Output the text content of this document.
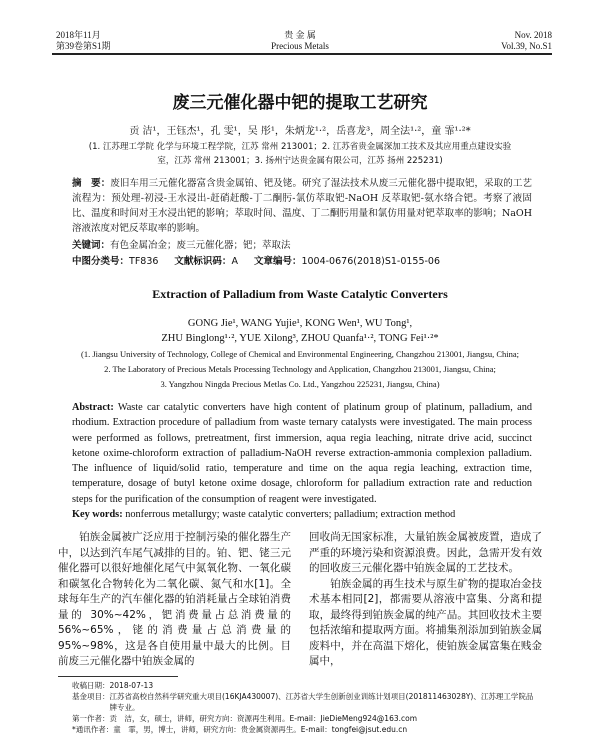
2018年11月
第39卷第S1期
贵 金 属
Precious Metals
Nov. 2018
Vol.39, No.S1
废三元催化器中钯的提取工艺研究
贡 洁¹，王钰杰¹，孔 雯¹，吴 彤¹，朱炳龙¹·²，岳喜龙³，周全法¹·²，童 霏¹·²*
(1. 江苏理工学院 化学与环境工程学院，江苏 常州 213001；2. 江苏省贵金属深加工技术及其应用重点建设实验
室，江苏 常州 213001；3. 扬州宁达贵金属有限公司，江苏 扬州 225231)
摘　要：废旧车用三元催化器富含贵金属铂、钯及铑。研究了湿法技术从废三元催化器中提取钯，采取的工艺流程为：预处理-初浸-王水浸出-赶硝赶酸-丁二酮肟-氯仿萃取钯-NaOH 反萃取钯-氨水络合钯。考察了液固比、温度和时间对王水浸出钯的影响；萃取时间、温度、丁二酮肟用量和氯仿用量对钯萃取率的影响；NaOH 溶液浓度对钯反萃取率的影响。
关键词：有色金属冶金；废三元催化器；钯；萃取法
中图分类号：TF836 文献标识码：A 文章编号：1004-0676(2018)S1-0155-06
Extraction of Palladium from Waste Catalytic Converters
GONG Jie¹, WANG Yujie¹, KONG Wen¹, WU Tong¹,
ZHU Binglong¹·², YUE Xilong³, ZHOU Quanfa¹·², TONG Fei¹·²*
(1. Jiangsu University of Technology, College of Chemical and Environmental Engineering, Changzhou 213001, Jiangsu, China;
2. The Laboratory of Precious Metals Processing Technology and Application, Changzhou 213001, Jiangsu, China;
3. Yangzhou Ningda Precious Metlas Co. Ltd., Yangzhou 225231, Jiangsu, China)
Abstract: Waste car catalytic converters have high content of platinum group of platinum, palladium, and rhodium. Extraction procedure of palladium from waste ternary catalysts were investigated. The main process were performed as follows, pretreatment, first immersion, aqua regia leaching, nitrate drive acid, succinct ketone oxime-chloroform extraction of palladium-NaOH reverse extraction-ammonia complexion palladium. The influence of liquid/solid ratio, temperature and time on the aqua regia leaching, extraction time, temperature, dosage of butyl ketone oxime dosage, chloroform for palladium extraction rate and reduction steps for the purification of the consumption of reagent were investigated.
Key words: nonferrous metallurgy; waste catalytic converters; palladium; extraction method
　　铂族金属被广泛应用于控制污染的催化器生产中，以达到汽车尾气减排的目的。铂、钯、铑三元催化器可以很好地催化尾气中氮氧化物、一氧化碳和碳氢化合物转化为二氧化碳、氮气和水[1]。全球每年生产的汽车催化器的铂消耗量占全球铂消费量的 30%~42%，钯消费量占总消费量的 56%~65%，铑的消费量占总消费量的 95%~98%，这是各自使用量中最大的比例。目前废三元催化器中铂族金属的
回收尚无国家标准，大量铂族金属被废置，造成了严重的环境污染和资源浪费。因此，急需开发有效的回收废三元催化器中铂族金属的工艺技术。
　　铂族金属的再生技术与原生矿物的提取冶金技术基本相同[2]，都需要从溶液中富集、分离和提取，最终得到铂族金属的纯产品。其回收技术主要包括浓缩和提取两方面。将捕集剂添加到铂族金属废料中，并在高温下熔化，使铂族金属富集在贱金属中，
收稿日期：2018-07-13
基金项目：江苏省高校自然科学研究重大项目(16KJA430007)、江苏省大学生创新创业训练计划项目(201811463028Y)、江苏理工学院品
　　　　　牌专业。
第一作者：贡　洁，女，硕士，讲师，研究方向：资源再生利用。E-mail：JieDieMeng924@163.com
*通讯作者：童　霏，男，博士，讲师，研究方向：贵金属资源再生。E-mail：tongfei@jsut.edu.cn
